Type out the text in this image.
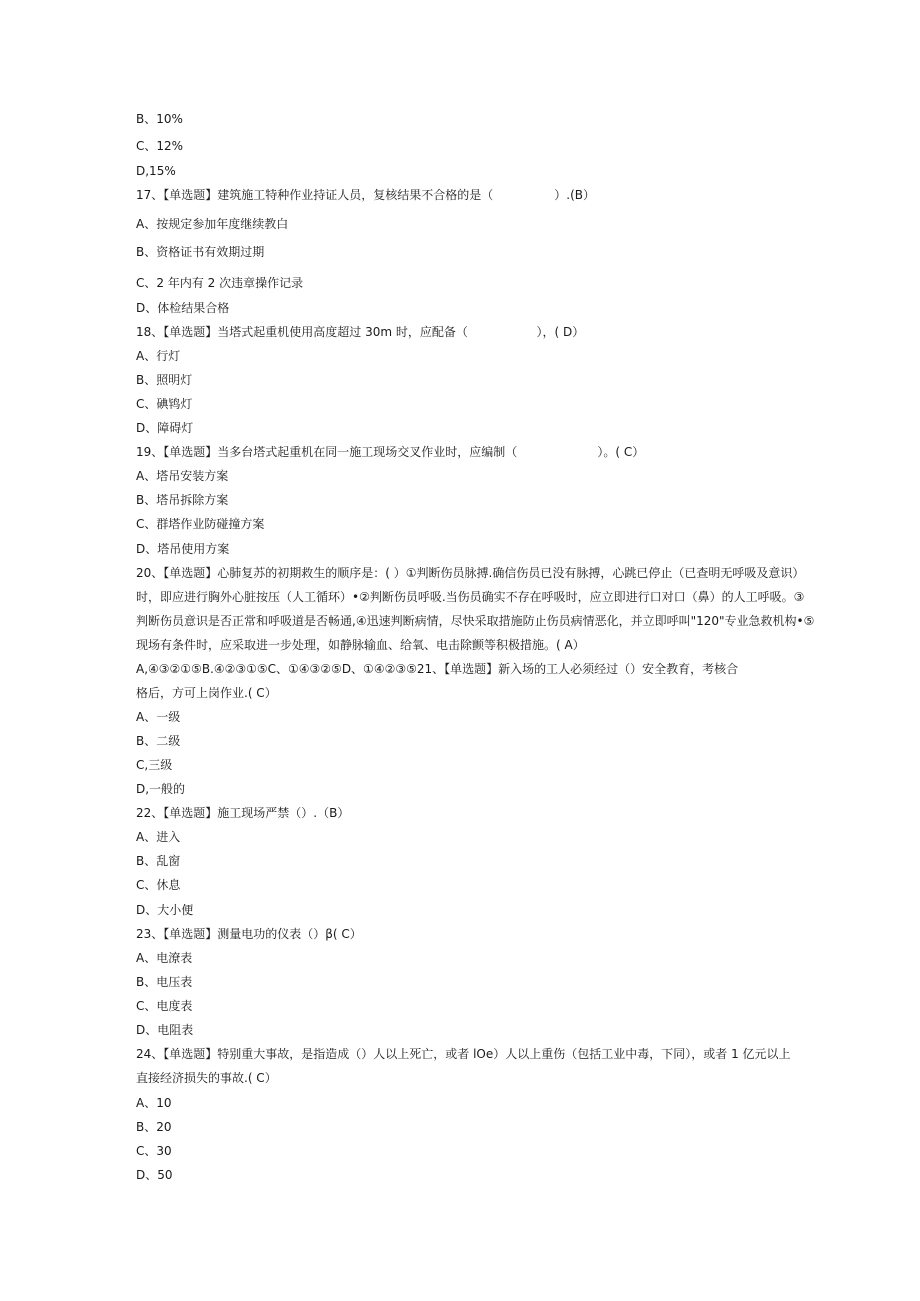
B、10%
C、12%
D,15%
17、【单选题】建筑施工特种作业持证人员，复核结果不合格的是（                ）.(B）
A、按规定参加年度继续教白
B、资格证书有效期过期
C、2 年内有 2 次违章操作记录
D、体检结果合格
18、【单选题】当塔式起重机使用高度超过 30m 时，应配备（                  ），( D）
A、行灯
B、照明灯
C、碘鸨灯
D、障碍灯
19、【单选题】当多台塔式起重机在同一施工现场交叉作业时，应编制（                     ）。( C）
A、塔吊安装方案
B、塔吊拆除方案
C、群塔作业防碰撞方案
D、塔吊使用方案
20、【单选题】心肺复苏的初期救生的顺序是：( ）①判断伤员脉搏.确信伤员已没有脉搏，心跳已停止（已查明无呼吸及意识）
时，即应进行胸外心脏按压（人工循环）•②判断伤员呼吸.当伤员确实不存在呼吸时，应立即进行口对口（鼻）的人工呼吸。③
判断伤员意识是否正常和呼吸道是否畅通,④迅速判断病情，尽快采取措施防止伤员病情恶化，并立即呼叫"120"专业急救机构•⑤
现场有条件时，应采取进一步处理，如静脉输血、给氧、电击除颤等积极措施。( A）
A,④③②①⑤B.④②③①⑤C、①④③②⑤D、①④②③⑤21、【单选题】新入场的工人必须经过（）安全教育，考核合
格后，方可上岗作业.( C）
A、一级
B、二级
C,三级
D,一般的
22、【单选题】施工现场严禁（）.（B）
A、进入
B、乱窗
C、休息
D、大小便
23、【单选题】测量电功的仪表（）β( C）
A、电潦表
B、电压表
C、电度表
D、电阻表
24、【单选题】特别重大事故，是指造成（）人以上死亡，或者 lOe）人以上重伤（包括工业中毒，下同），或者 1 亿元以上
直接经济损失的事故.( C）
A、10
B、20
C、30
D、50
